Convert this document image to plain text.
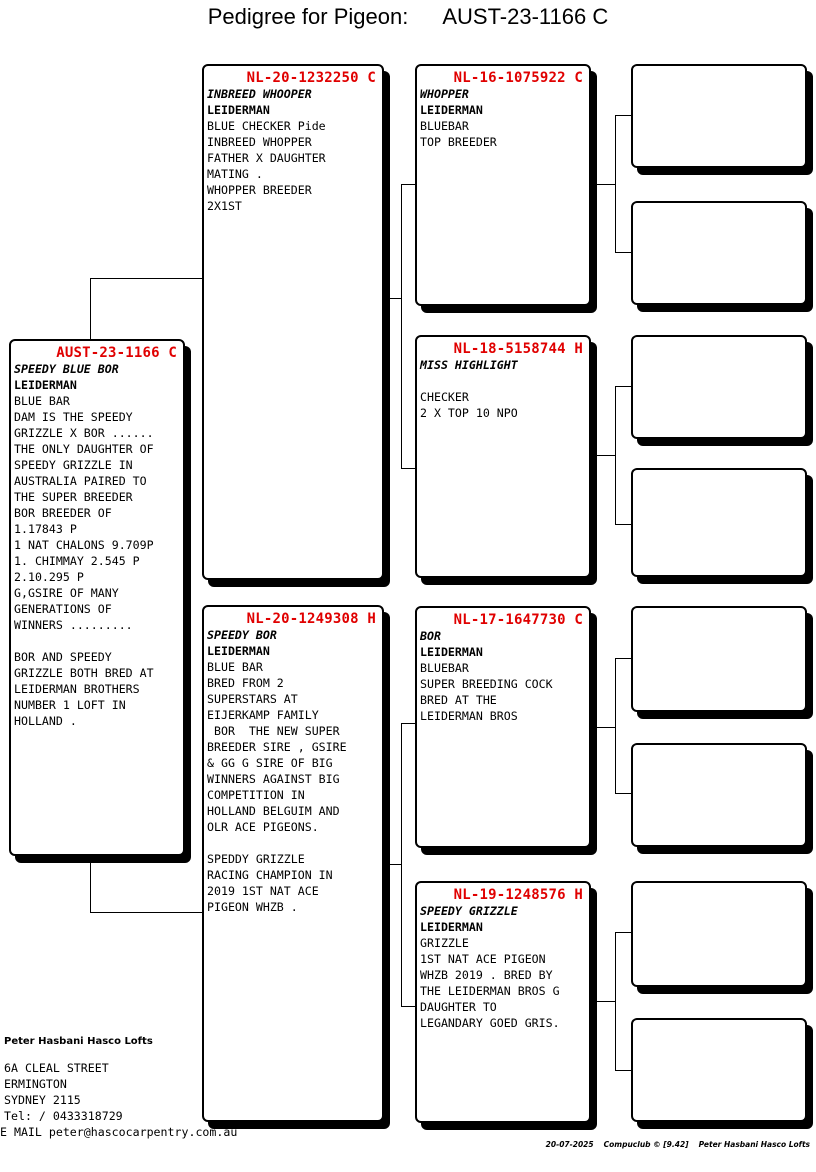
Pedigree for Pigeon: AUST-23-1166 C
AUST-23-1166 C
SPEEDY BLUE BOR
LEIDERMAN
BLUE BAR
DAM IS THE SPEEDY
GRIZZLE X BOR ......
THE ONLY DAUGHTER OF
SPEEDY GRIZZLE IN
AUSTRALIA PAIRED TO
THE SUPER BREEDER
BOR BREEDER OF
1.17843 P
1 NAT CHALONS 9.709P
1. CHIMMAY 2.545 P
2.10.295 P
G,GSIRE OF MANY
GENERATIONS OF
WINNERS .........

BOR AND SPEEDY
GRIZZLE BOTH BRED AT
LEIDERMAN BROTHERS
NUMBER 1 LOFT IN
HOLLAND .
NL-20-1232250 C
INBREED WHOOPER
LEIDERMAN
BLUE CHECKER Pide
INBREED WHOPPER
FATHER X DAUGHTER
MATING .
WHOPPER BREEDER
2X1ST
NL-20-1249308 H
SPEEDY BOR
LEIDERMAN
BLUE BAR
BRED FROM 2
SUPERSTARS AT
EIJERKAMP FAMILY
BOR  THE NEW SUPER
BREEDER SIRE , GSIRE
& GG G SIRE OF BIG
WINNERS AGAINST BIG
COMPETITION IN
HOLLAND BELGUIM AND
OLR ACE PIGEONS.

SPEDDY GRIZZLE
RACING CHAMPION IN
2019 1ST NAT ACE
PIGEON WHZB .
NL-16-1075922 C
WHOPPER
LEIDERMAN
BLUEBAR
TOP BREEDER
NL-18-5158744 H
MISS HIGHLIGHT
CHECKER
2 X TOP 10 NPO
NL-17-1647730 C
BOR
LEIDERMAN
BLUEBAR
SUPER BREEDING COCK
BRED AT THE
LEIDERMAN BROS
NL-19-1248576 H
SPEEDY GRIZZLE
LEIDERMAN
GRIZZLE
1ST NAT ACE PIGEON
WHZB 2019 . BRED BY
THE LEIDERMAN BROS G
DAUGHTER TO
LEGANDARY GOED GRIS.
Peter Hasbani Hasco Lofts
6A CLEAL STREET
ERMINGTON
SYDNEY 2115
Tel: / 0433318729
E MAIL peter@hascocarpentry.com.au
20-07-2025 Compuclub © [9.42] Peter Hasbani Hasco Lofts
